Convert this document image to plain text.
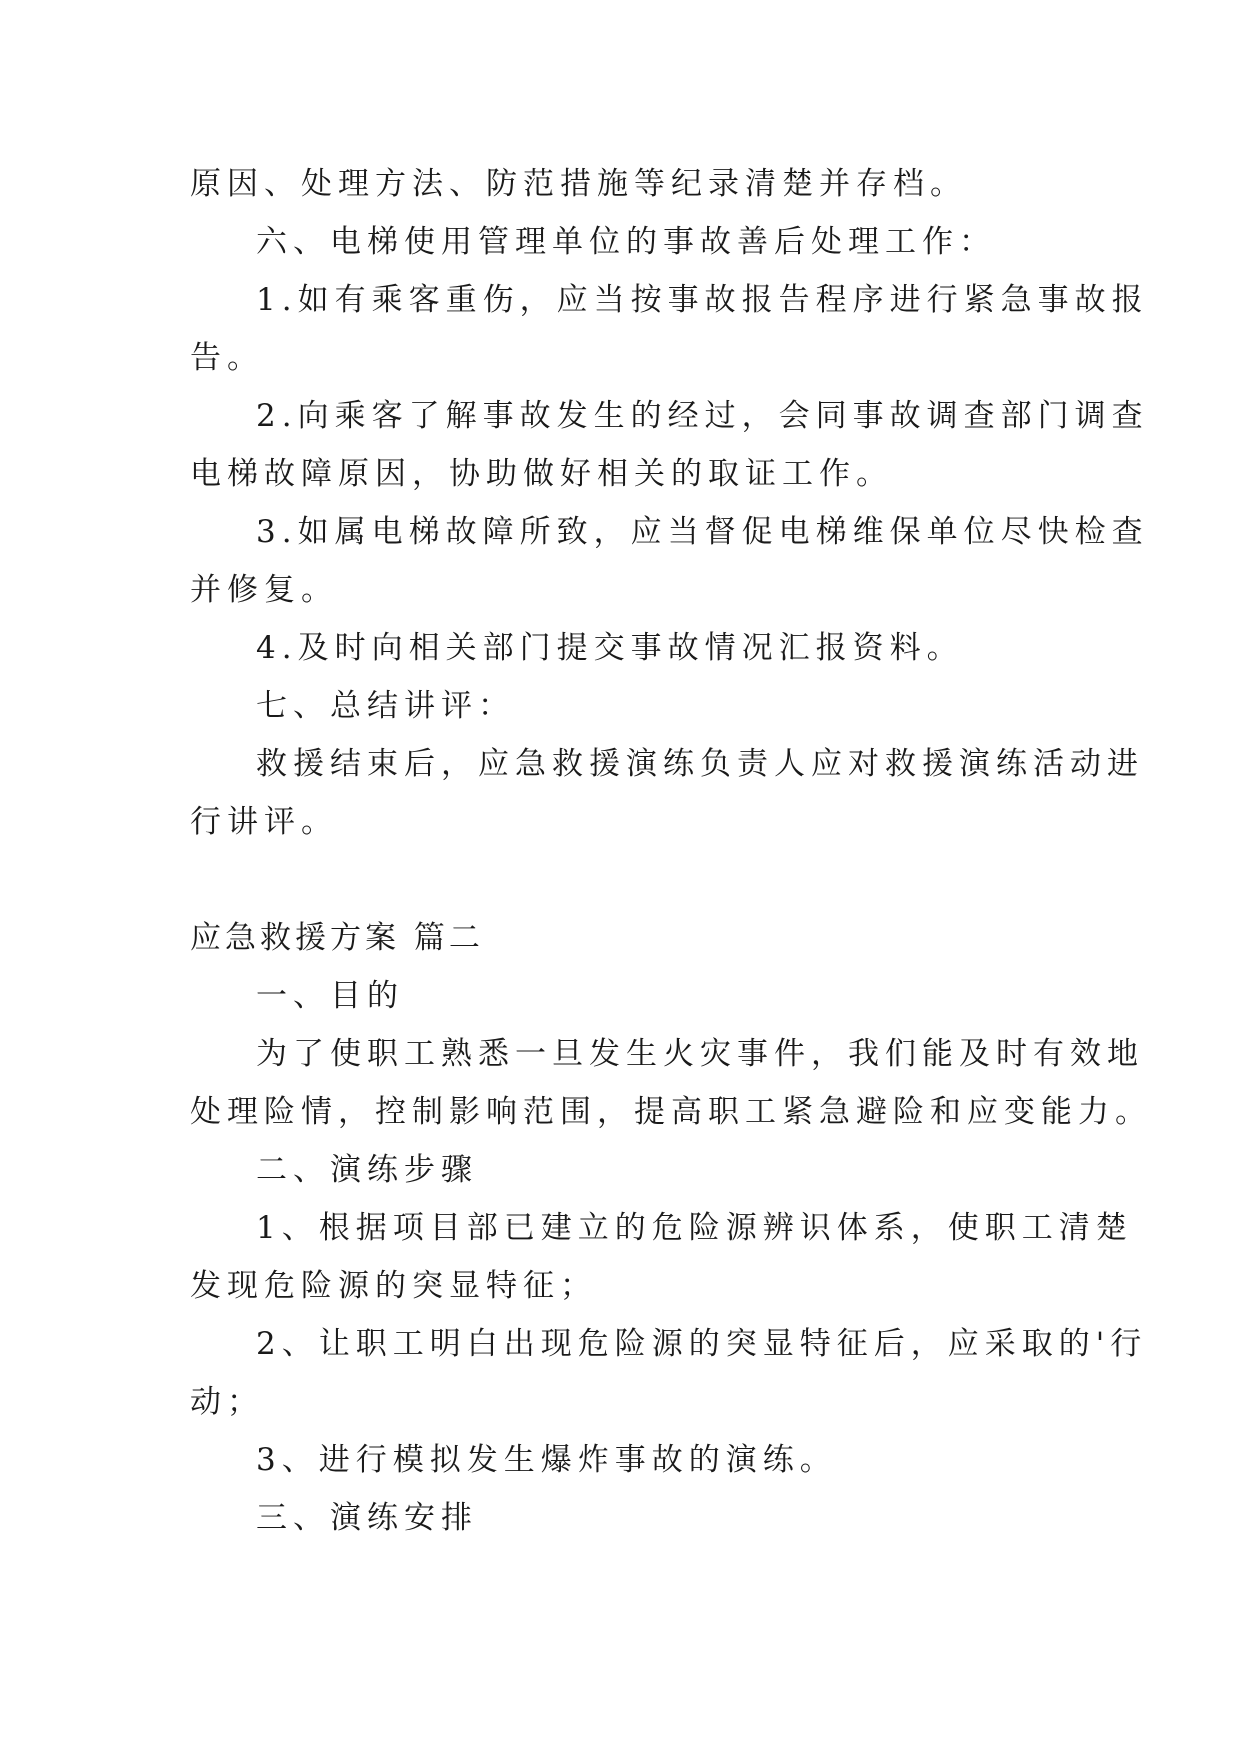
原因、处理方法、防范措施等纪录清楚并存档。
六、电梯使用管理单位的事故善后处理工作：
1.如有乘客重伤，应当按事故报告程序进行紧急事故报
告。
2.向乘客了解事故发生的经过，会同事故调查部门调查
电梯故障原因，协助做好相关的取证工作。
3.如属电梯故障所致，应当督促电梯维保单位尽快检查
并修复。
4.及时向相关部门提交事故情况汇报资料。
七、总结讲评：
救援结束后，应急救援演练负责人应对救援演练活动进
行讲评。
应急救援方案 篇二
一、目的
为了使职工熟悉一旦发生火灾事件，我们能及时有效地
处理险情，控制影响范围，提高职工紧急避险和应变能力。
二、演练步骤
1、根据项目部已建立的危险源辨识体系，使职工清楚
发现危险源的突显特征；
2、让职工明白出现危险源的突显特征后，应采取的'行
动；
3、进行模拟发生爆炸事故的演练。
三、演练安排
